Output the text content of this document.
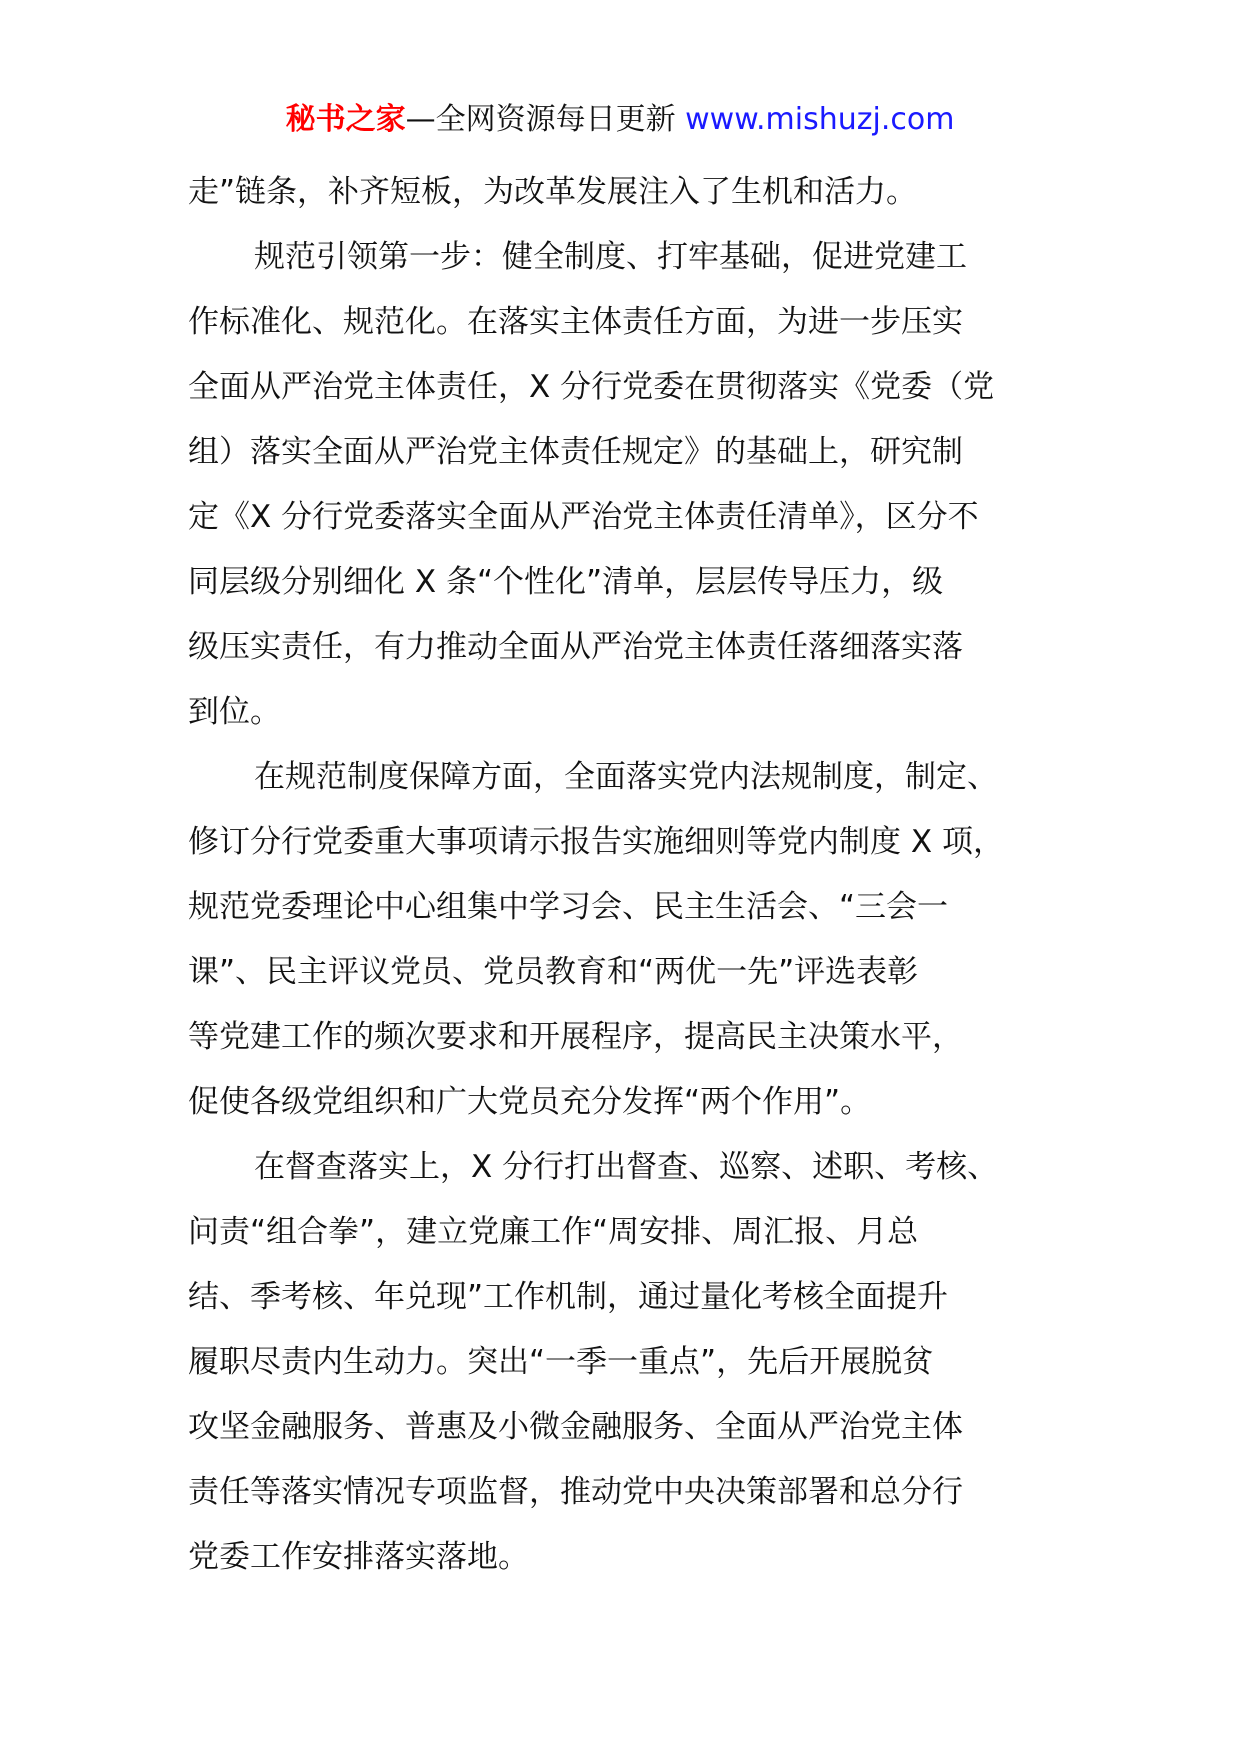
秘书之家—全网资源每日更新 www.mishuzj.com
走”链条，补齐短板，为改革发展注入了生机和活力。
规范引领第一步：健全制度、打牢基础，促进党建工
作标准化、规范化。在落实主体责任方面，为进一步压实
全面从严治党主体责任，X 分行党委在贯彻落实《党委（党
组）落实全面从严治党主体责任规定》的基础上，研究制
定《X 分行党委落实全面从严治党主体责任清单》，区分不
同层级分别细化 X 条“个性化”清单，层层传导压力，级
级压实责任，有力推动全面从严治党主体责任落细落实落
到位。
在规范制度保障方面，全面落实党内法规制度，制定、
修订分行党委重大事项请示报告实施细则等党内制度 X 项，
规范党委理论中心组集中学习会、民主生活会、“三会一
课”、民主评议党员、党员教育和“两优一先”评选表彰
等党建工作的频次要求和开展程序，提高民主决策水平，
促使各级党组织和广大党员充分发挥“两个作用”。
在督查落实上，X 分行打出督查、巡察、述职、考核、
问责“组合拳”，建立党廉工作“周安排、周汇报、月总
结、季考核、年兑现”工作机制，通过量化考核全面提升
履职尽责内生动力。突出“一季一重点”，先后开展脱贫
攻坚金融服务、普惠及小微金融服务、全面从严治党主体
责任等落实情况专项监督，推动党中央决策部署和总分行
党委工作安排落实落地。
